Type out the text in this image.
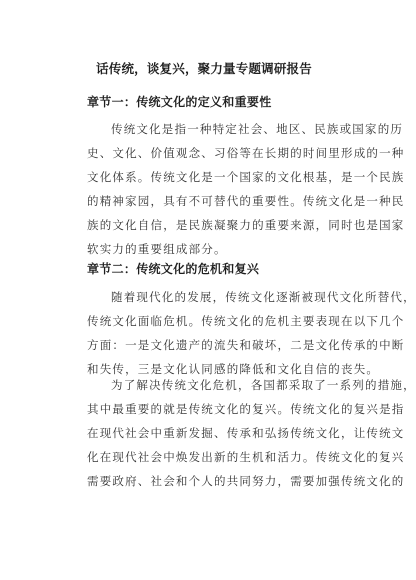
话传统，谈复兴，聚力量专题调研报告
章节一：传统文化的定义和重要性
传统文化是指一种特定社会、地区、民族或国家的历
史、文化、价值观念、习俗等在长期的时间里形成的一种
文化体系。传统文化是一个国家的文化根基，是一个民族
的精神家园，具有不可替代的重要性。传统文化是一种民
族的文化自信，是民族凝聚力的重要来源，同时也是国家
软实力的重要组成部分。
章节二：传统文化的危机和复兴
随着现代化的发展，传统文化逐渐被现代文化所替代，
传统文化面临危机。传统文化的危机主要表现在以下几个
方面：一是文化遗产的流失和破坏，二是文化传承的中断
和失传，三是文化认同感的降低和文化自信的丧失。
为了解决传统文化危机，各国都采取了一系列的措施，
其中最重要的就是传统文化的复兴。传统文化的复兴是指
在现代社会中重新发掘、传承和弘扬传统文化，让传统文
化在现代社会中焕发出新的生机和活力。传统文化的复兴
需要政府、社会和个人的共同努力，需要加强传统文化的
